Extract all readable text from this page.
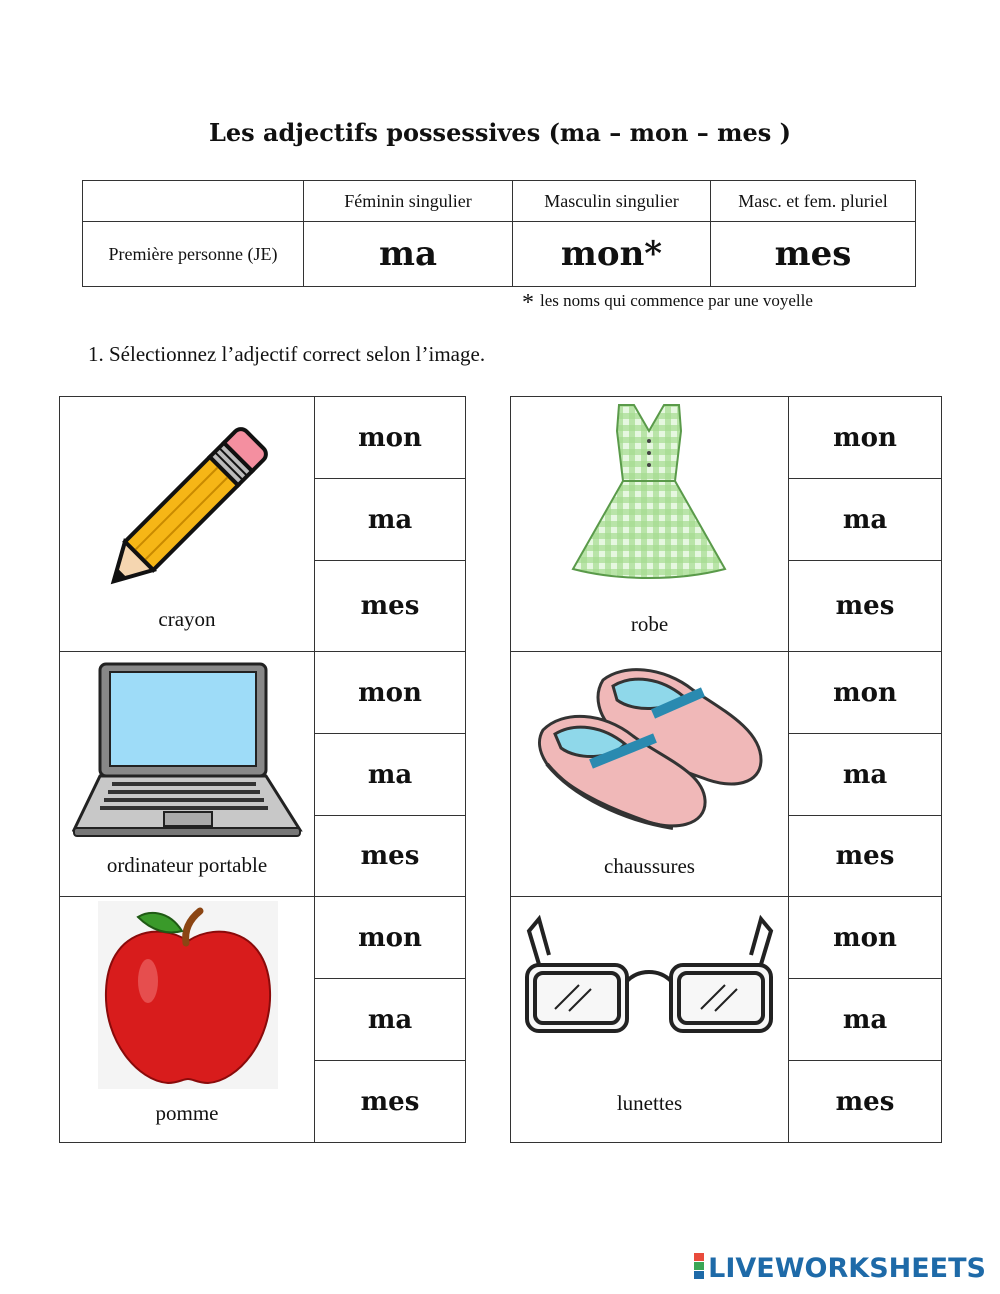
Les adjectifs possessives (ma – mon – mes )
	Féminin singulier	Masculin singulier	Masc. et fem. pluriel
Première personne (JE)	ma	mon*	mes
* les noms qui commence par une voyelle
1. Sélectionnez l’adjectif correct selon l’image.
crayon	mon
	ma
	mes

ordinateur portable	mon
	ma
	mes

pomme	mon
	ma
	mes
robe	mon
	ma
	mes

chaussures	mon
	ma
	mes

lunettes	mon
	ma
	mes
LIVEWORKSHEETS
